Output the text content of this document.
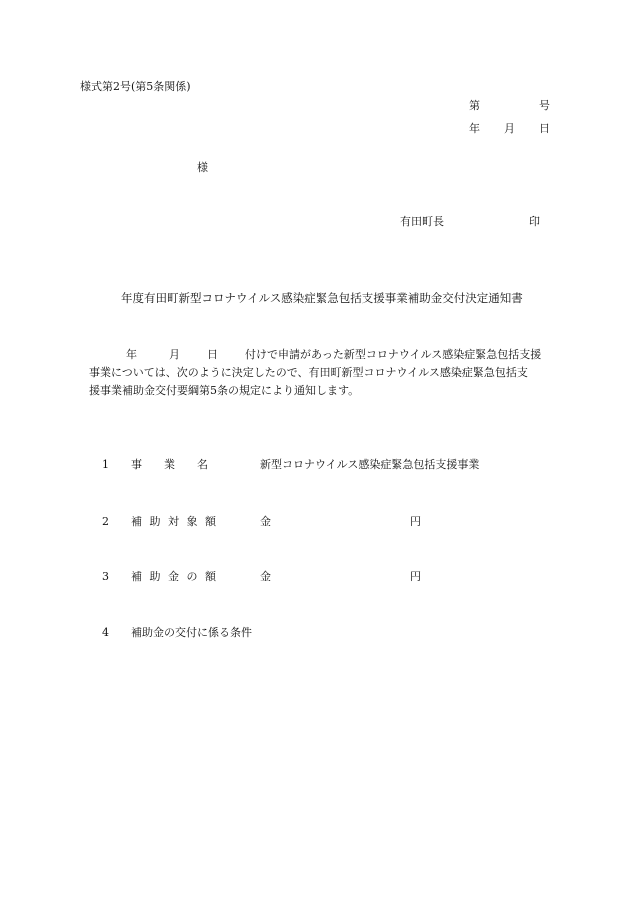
様式第2号(第5条関係)
第	号
年 月 日
様
有田町長	印
年度有田町新型コロナウイルス感染症緊急包括支援事業補助金交付決定通知書
年	月 日 付けで申請があった新型コロナウイルス感染症緊急包括支援
事業については、次のように決定したので、有田町新型コロナウイルス感染症緊急包括支
援事業補助金交付要綱第5条の規定により通知します。
1 事業名	新型コロナウイルス感染症緊急包括支援事業
2 補助対象額	金	円
3 補助金の額	金	円
4 補助金の交付に係る条件
